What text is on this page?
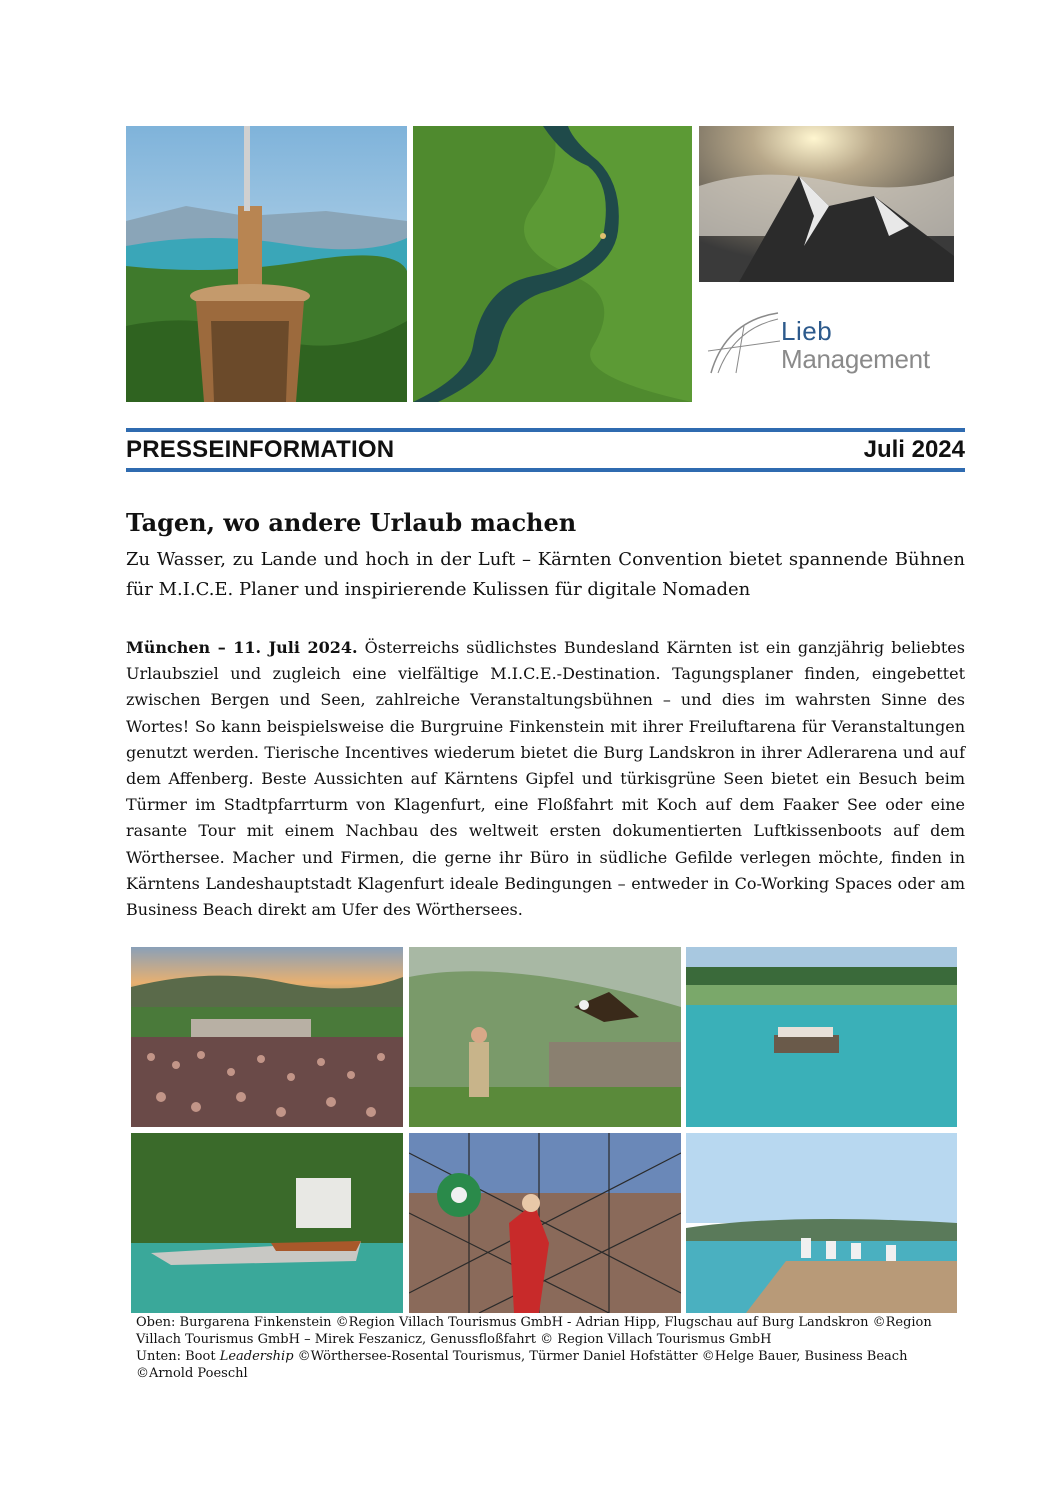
Lieb
Management
PRESSEINFORMATION	Juli 2024
Tagen, wo andere Urlaub machen
Zu Wasser, zu Lande und hoch in der Luft – Kärnten Convention bietet spannende Bühnen für M.I.C.E. Planer und inspirierende Kulissen für digitale Nomaden
München – 11. Juli 2024. Österreichs südlichstes Bundesland Kärnten ist ein ganzjährig beliebtes Urlaubsziel und zugleich eine vielfältige M.I.C.E.-Destination. Tagungsplaner finden, eingebettet zwischen Bergen und Seen, zahlreiche Veranstaltungsbühnen – und dies im wahrsten Sinne des Wortes! So kann beispielsweise die Burgruine Finkenstein mit ihrer Freiluftarena für Veranstaltungen genutzt werden. Tierische Incentives wiederum bietet die Burg Landskron in ihrer Adlerarena und auf dem Affenberg. Beste Aussichten auf Kärntens Gipfel und türkisgrüne Seen bietet ein Besuch beim Türmer im Stadtpfarrturm von Klagenfurt, eine Floßfahrt mit Koch auf dem Faaker See oder eine rasante Tour mit einem Nachbau des weltweit ersten dokumentierten Luftkissenboots auf dem Wörthersee. Macher und Firmen, die gerne ihr Büro in südliche Gefilde verlegen möchte, finden in Kärntens Landeshauptstadt Klagenfurt ideale Bedingungen – entweder in Co-Working Spaces oder am Business Beach direkt am Ufer des Wörthersees.
Oben: Burgarena Finkenstein ©Region Villach Tourismus GmbH - Adrian Hipp, Flugschau auf Burg Landskron ©Region Villach Tourismus GmbH – Mirek Feszanicz, Genussfloßfahrt © Region Villach Tourismus GmbH
Unten: Boot Leadership ©Wörthersee-Rosental Tourismus, Türmer Daniel Hofstätter ©Helge Bauer, Business Beach ©Arnold Poeschl
